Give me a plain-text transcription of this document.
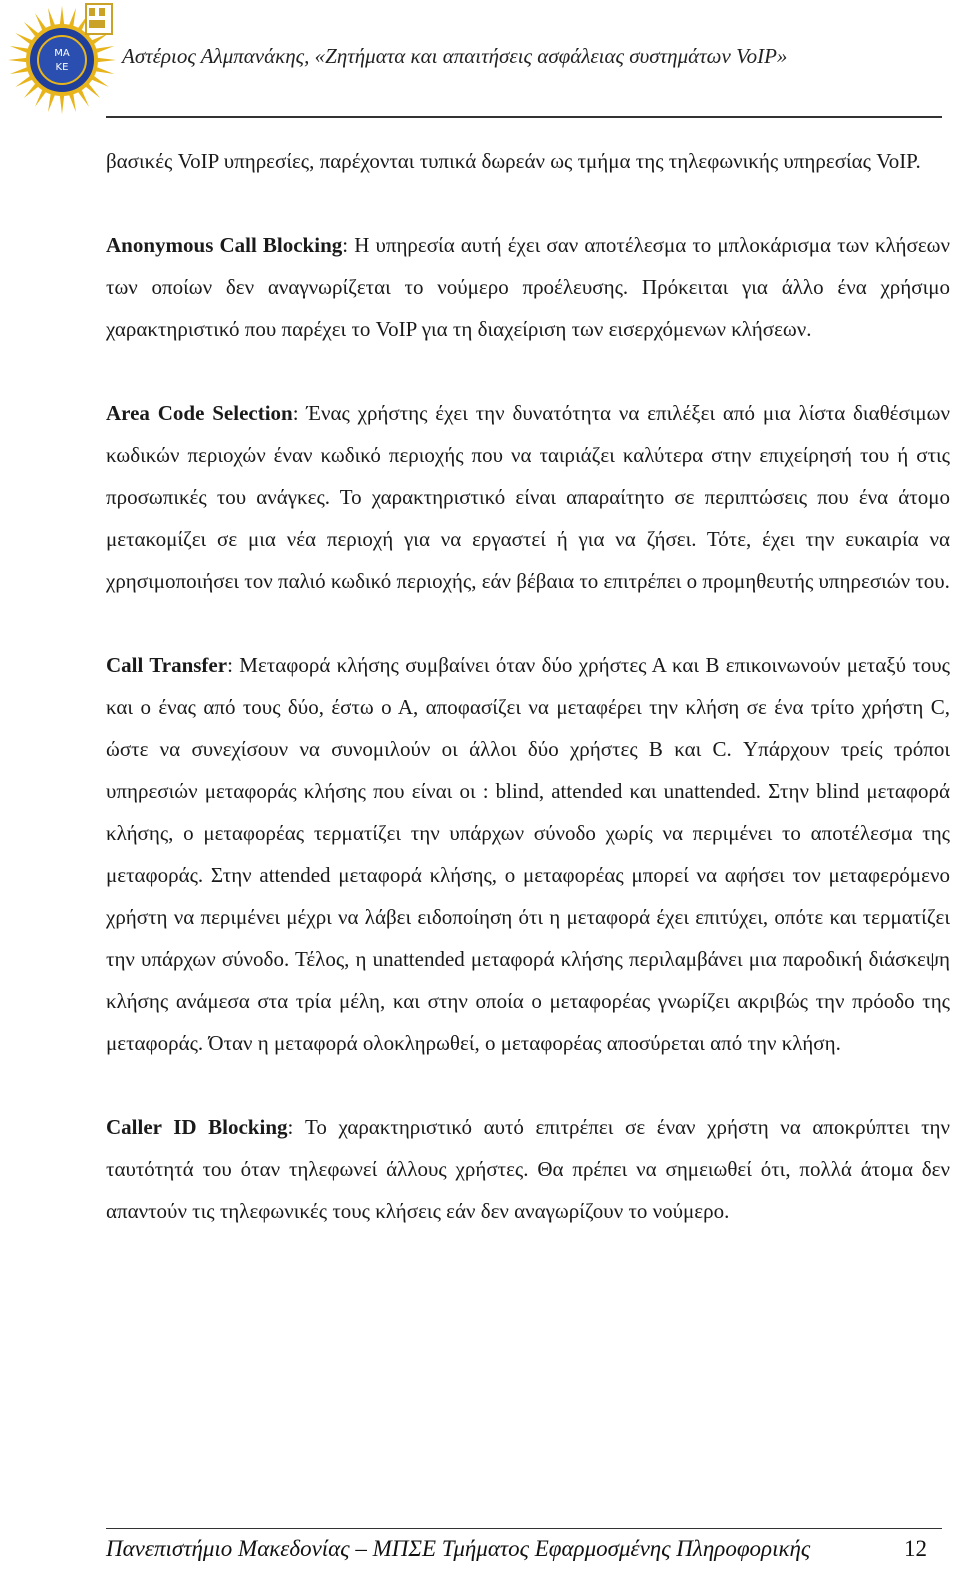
MA
KE	Αστέριος Αλμπανάκης, «Ζητήματα και απαιτήσεις ασφάλειας συστημάτων VoIP»

βασικές VoIP υπηρεσίες, παρέχονται τυπικά δωρεάν ως τμήμα της τηλεφωνικής υπηρεσίας VoIP.

Anonymous Call Blocking: Η υπηρεσία αυτή έχει σαν αποτέλεσμα το μπλοκάρισμα των κλήσεων των οποίων δεν αναγνωρίζεται το νούμερο προέλευσης. Πρόκειται για άλλο ένα χρήσιμο χαρακτηριστικό που παρέχει το VoIP για τη διαχείριση των εισερχόμενων κλήσεων.

Area Code Selection: Ένας χρήστης έχει την δυνατότητα να επιλέξει από μια λίστα διαθέσιμων κωδικών περιοχών έναν κωδικό περιοχής που να ταιριάζει καλύτερα στην επιχείρησή του ή στις προσωπικές του ανάγκες. Το χαρακτηριστικό είναι απαραίτητο σε περιπτώσεις που ένα άτομο μετακομίζει σε μια νέα περιοχή για να εργαστεί ή για να ζήσει. Τότε, έχει την ευκαιρία να χρησιμοποιήσει τον παλιό κωδικό περιοχής, εάν βέβαια το επιτρέπει ο προμηθευτής υπηρεσιών του.

Call Transfer: Μεταφορά κλήσης συμβαίνει όταν δύο χρήστες Α και Β επικοινωνούν μεταξύ τους και ο ένας από τους δύο, έστω ο Α, αποφασίζει να μεταφέρει την κλήση σε ένα τρίτο χρήστη C, ώστε να συνεχίσουν να συνομιλούν οι άλλοι δύο χρήστες Β και C. Υπάρχουν τρείς τρόποι υπηρεσιών μεταφοράς κλήσης που είναι οι : blind, attended και unattended. Στην blind μεταφορά κλήσης, ο μεταφορέας τερματίζει την υπάρχων σύνοδο χωρίς να περιμένει το αποτέλεσμα της μεταφοράς. Στην attended μεταφορά κλήσης, ο μεταφορέας μπορεί να αφήσει τον μεταφερόμενο χρήστη να περιμένει μέχρι να λάβει ειδοποίηση ότι η μεταφορά έχει επιτύχει, οπότε και τερματίζει την υπάρχων σύνοδο. Τέλος, η unattended μεταφορά κλήσης περιλαμβάνει μια παροδική διάσκεψη κλήσης ανάμεσα στα τρία μέλη, και στην οποία ο μεταφορέας γνωρίζει ακριβώς την πρόοδο της μεταφοράς. Όταν η μεταφορά ολοκληρωθεί, ο μεταφορέας αποσύρεται από την κλήση.

Caller ID Blocking: Το χαρακτηριστικό αυτό επιτρέπει σε έναν χρήστη να αποκρύπτει την ταυτότητά του όταν τηλεφωνεί άλλους χρήστες. Θα πρέπει να σημειωθεί ότι, πολλά άτομα δεν απαντούν τις τηλεφωνικές τους κλήσεις εάν δεν αναγωρίζουν το νούμερο.

Πανεπιστήμιο Μακεδονίας – ΜΠΣΕ Τμήματος Εφαρμοσμένης Πληροφορικής	12
